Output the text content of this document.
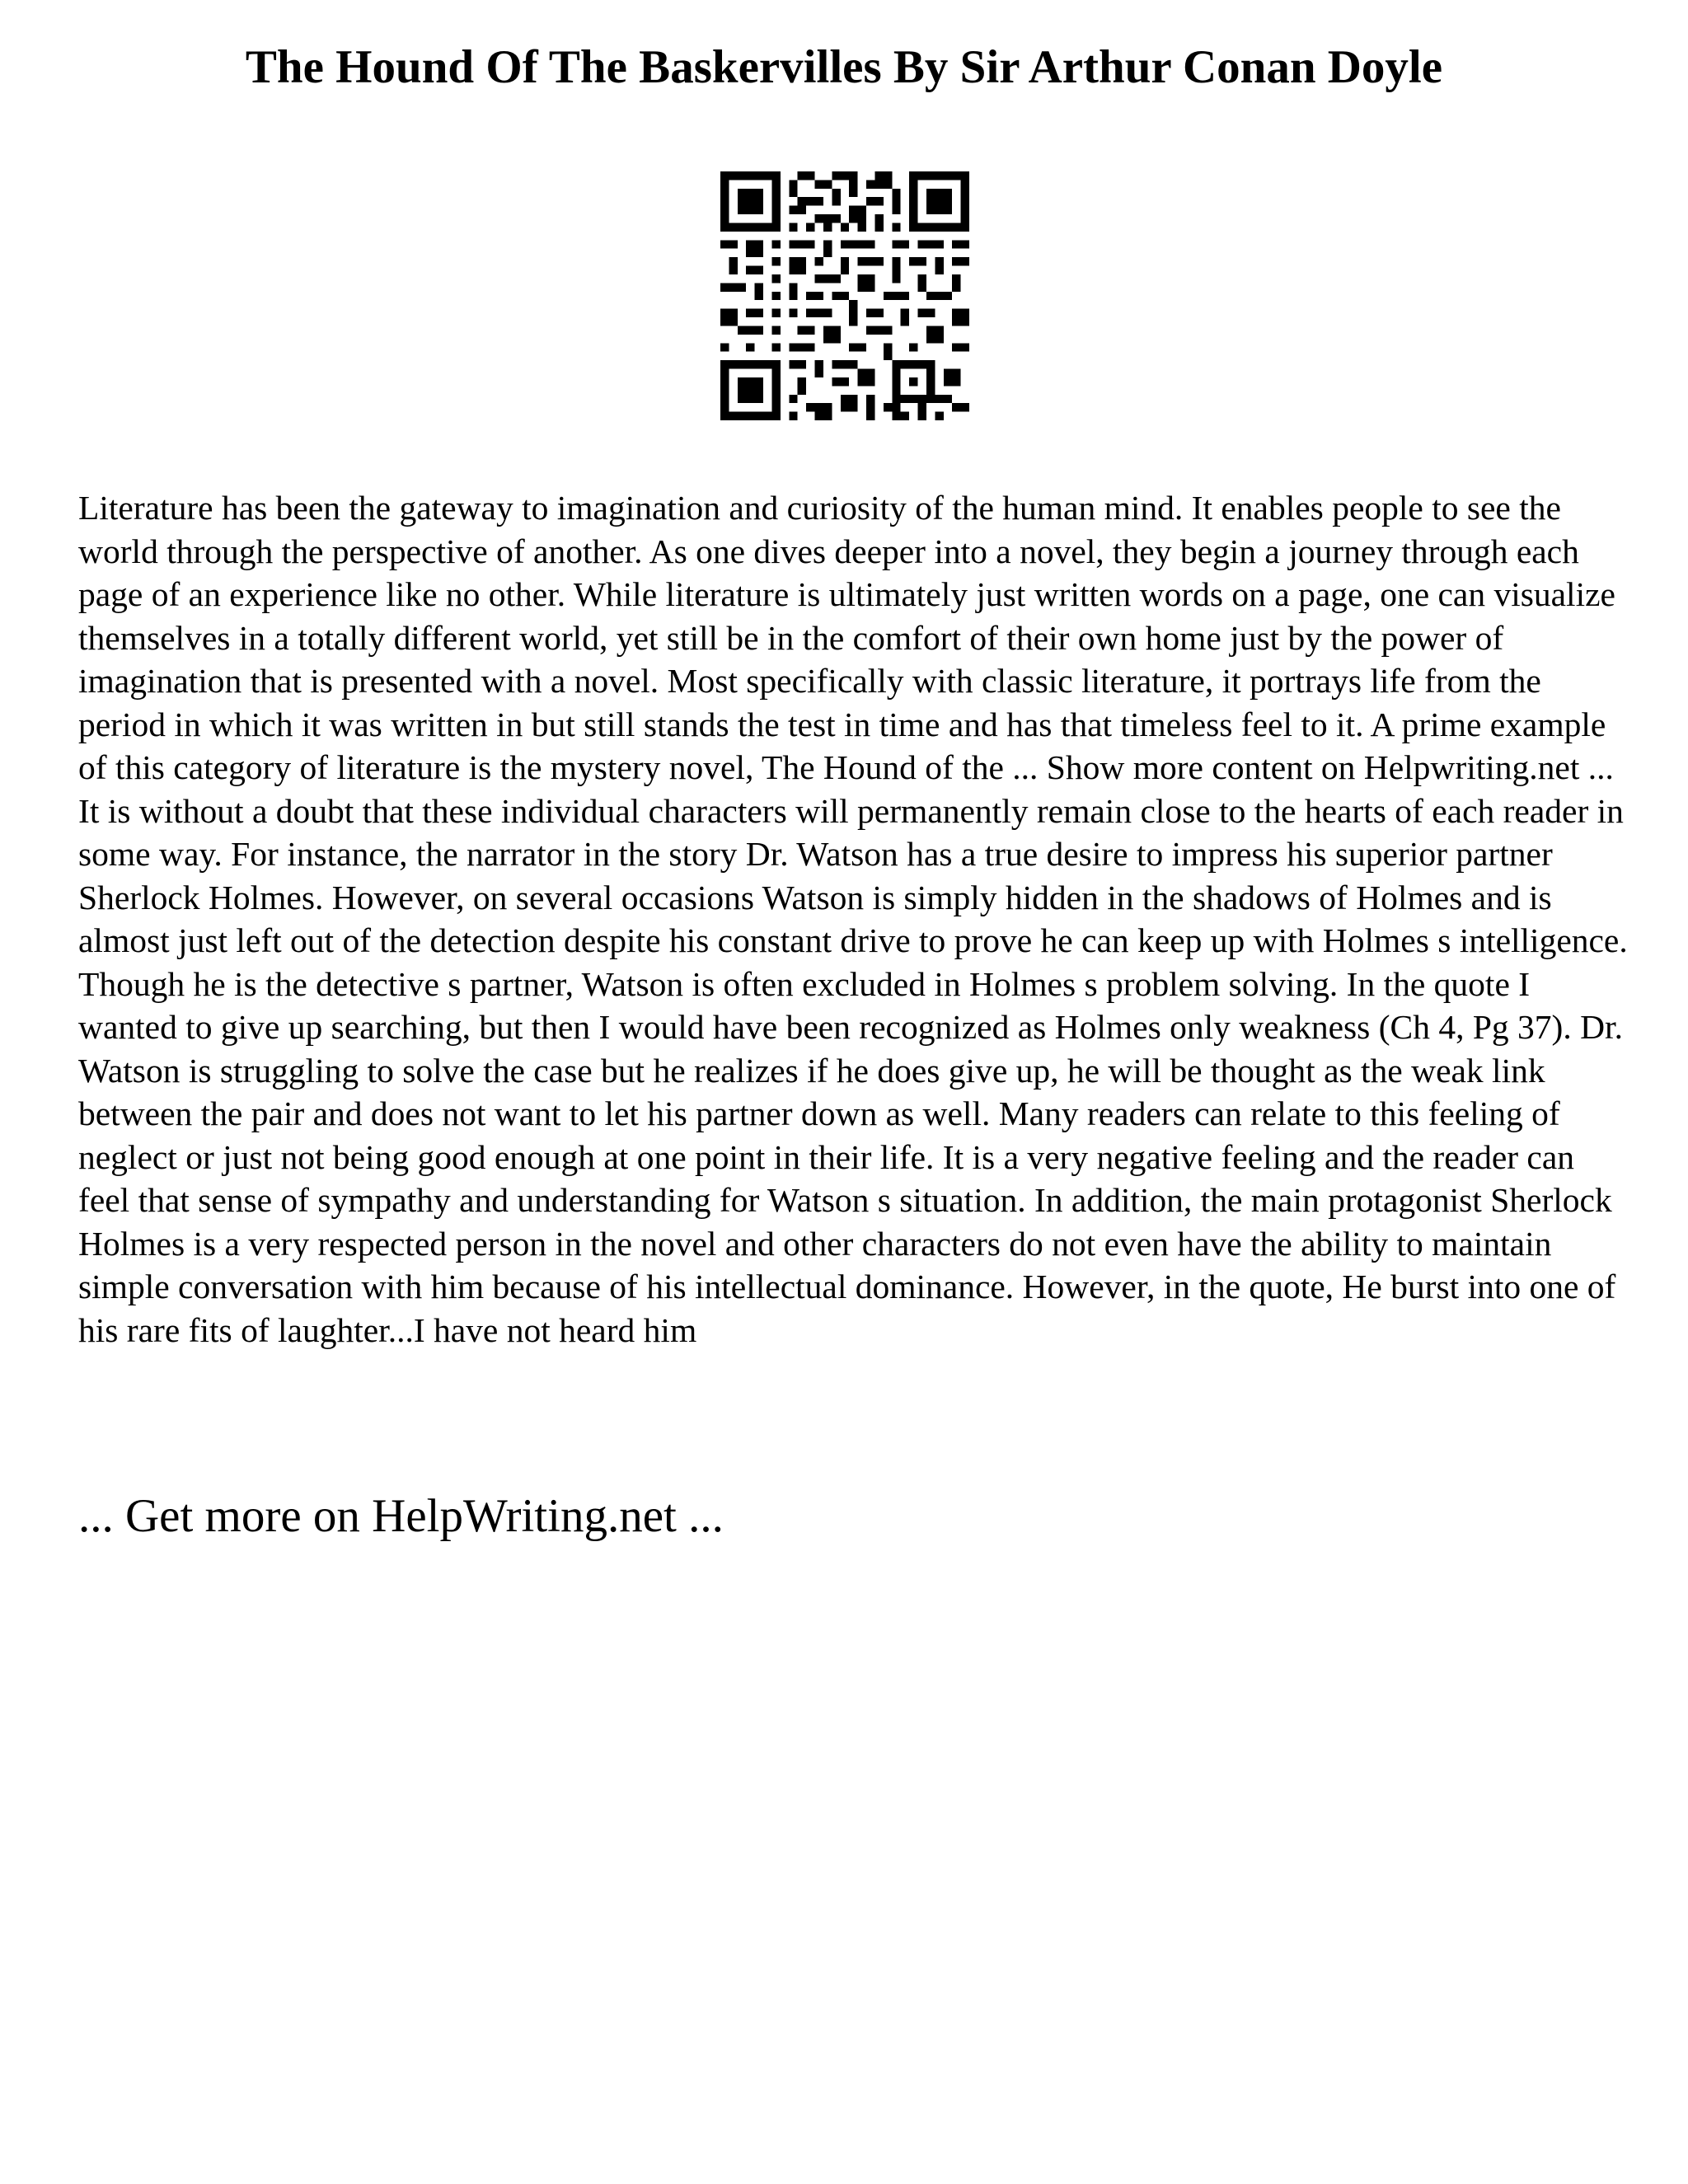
The Hound Of The Baskervilles By Sir Arthur Conan Doyle

Literature has been the gateway to imagination and curiosity of the human mind. It enables people to see the world through the perspective of another. As one dives deeper into a novel, they begin a journey through each page of an experience like no other. While literature is ultimately just written words on a page, one can visualize themselves in a totally different world, yet still be in the comfort of their own home just by the power of imagination that is presented with a novel. Most specifically with classic literature, it portrays life from the period in which it was written in but still stands the test in time and has that timeless feel to it. A prime example of this category of literature is the mystery novel, The Hound of the ... Show more content on Helpwriting.net ...

It is without a doubt that these individual characters will permanently remain close to the hearts of each reader in some way. For instance, the narrator in the story Dr. Watson has a true desire to impress his superior partner Sherlock Holmes. However, on several occasions Watson is simply hidden in the shadows of Holmes and is almost just left out of the detection despite his constant drive to prove he can keep up with Holmes s intelligence. Though he is the detective s partner, Watson is often excluded in Holmes s problem solving. In the quote I wanted to give up searching, but then I would have been recognized as Holmes only weakness (Ch 4, Pg 37). Dr. Watson is struggling to solve the case but he realizes if he does give up, he will be thought as the weak link between the pair and does not want to let his partner down as well. Many readers can relate to this feeling of neglect or just not being good enough at one point in their life. It is a very negative feeling and the reader can feel that sense of sympathy and understanding for Watson s situation. In addition, the main protagonist Sherlock Holmes is a very respected person in the novel and other characters do not even have the ability to maintain simple conversation with him because of his intellectual dominance. However, in the quote, He burst into one of his rare fits of laughter...I have not heard him

... Get more on HelpWriting.net ...
